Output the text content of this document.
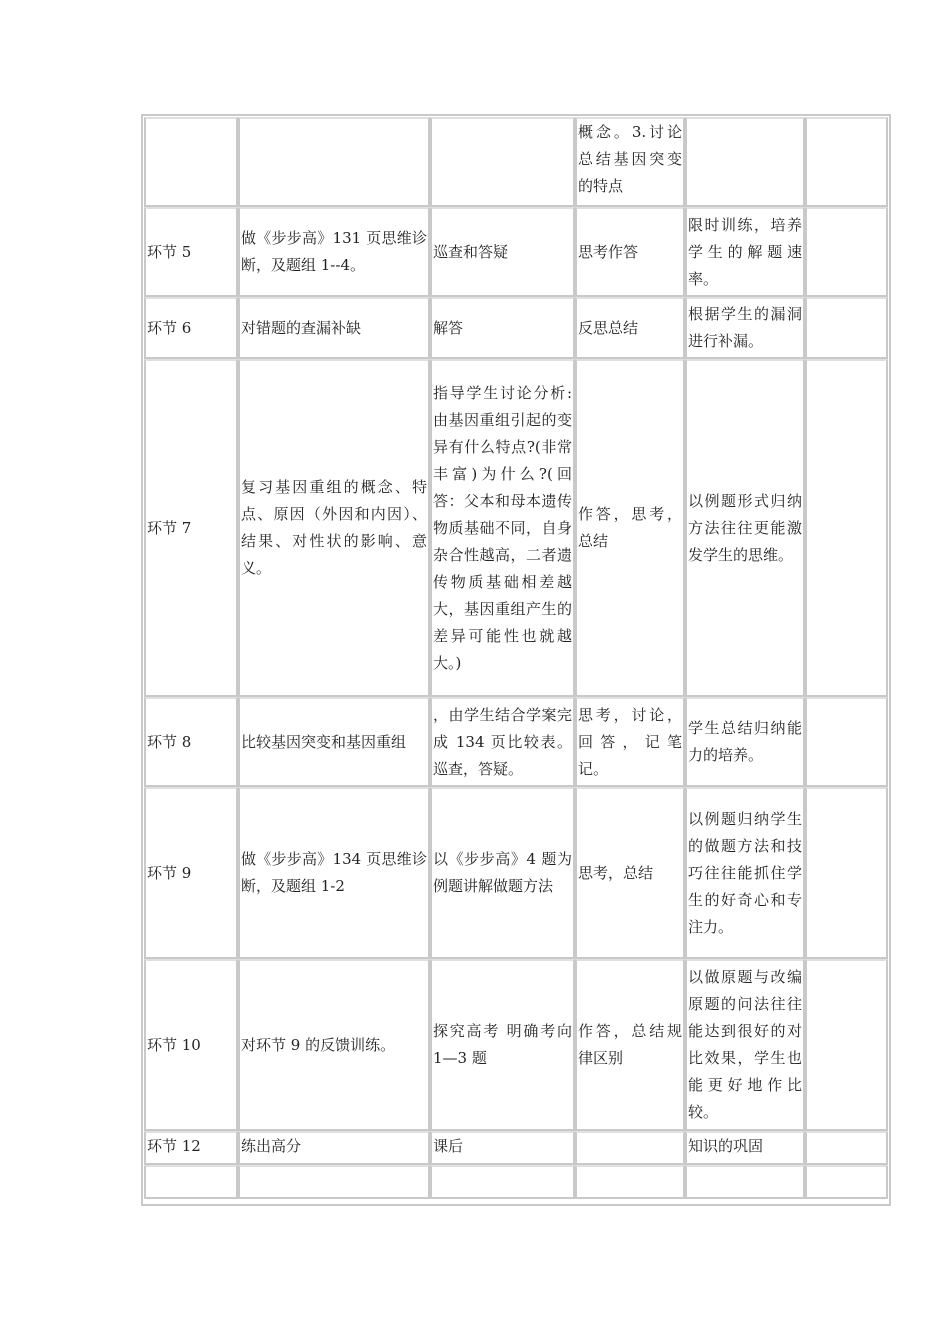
			概念。3.讨论总结基因突变的特点		
环节 5	做《步步高》131 页思维诊断，及题组 1--4。	巡查和答疑	思考作答	限时训练，培养学生的解题速率。	
环节 6	对错题的查漏补缺	解答	反思总结	根据学生的漏洞进行补漏。	
环节 7	复习基因重组的概念、特点、原因（外因和内因）、结果、对性状的影响、意义。	指导学生讨论分析:由基因重组引起的变异有什么特点?(非常丰富)为什么?(回答：父本和母本遗传物质基础不同，自身杂合性越高，二者遗传物质基础相差越大，基因重组产生的差异可能性也就越大。)	作答，思考，总结	以例题形式归纳方法往往更能激发学生的思维。	
环节 8	比较基因突变和基因重组	，由学生结合学案完成 134 页比较表。巡查，答疑。	思考，讨论，回答，记笔记。	学生总结归纳能力的培养。	
环节 9	做《步步高》134 页思维诊断，及题组 1-2	以《步步高》4 题为例题讲解做题方法	思考，总结	以例题归纳学生的做题方法和技巧往往能抓住学生的好奇心和专注力。	
环节 10	对环节 9 的反馈训练。	探究高考 明确考向 1—3 题	作答，总结规律区别	以做原题与改编原题的问法往往能达到很好的对比效果，学生也能更好地作比较。	
环节 12	练出高分	课后		知识的巩固	
